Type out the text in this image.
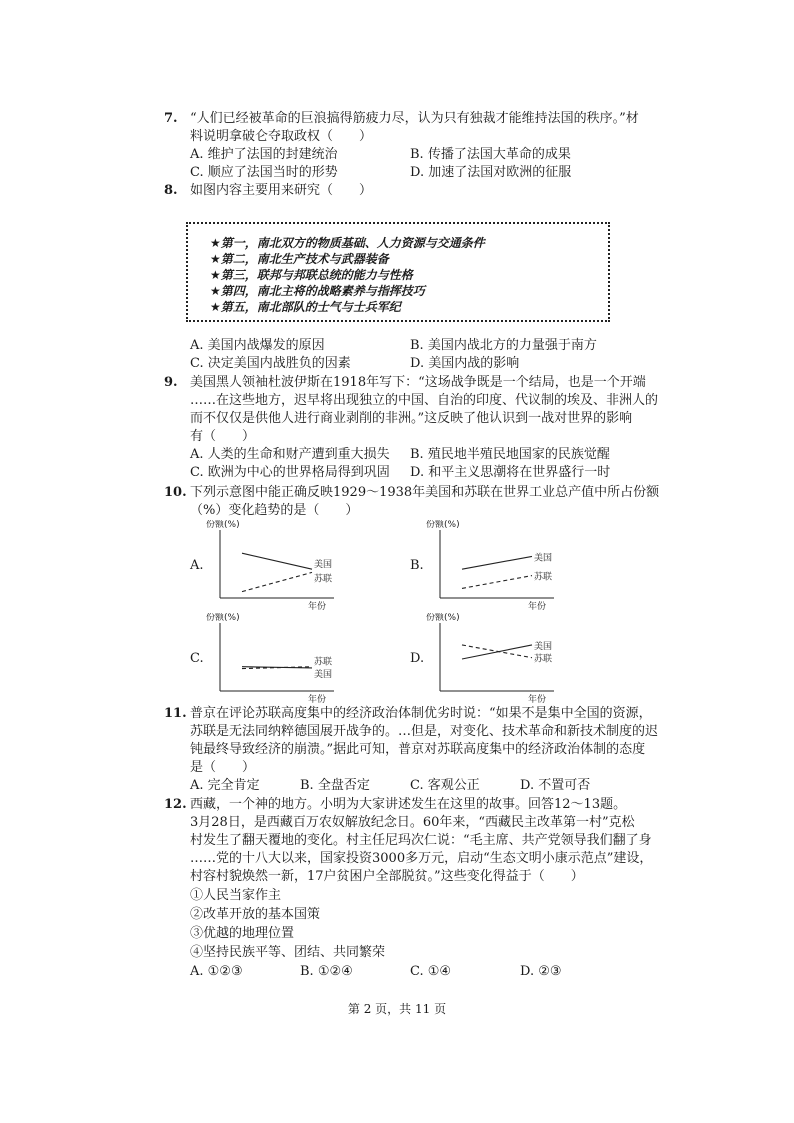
7. “人们已经被革命的巨浪搞得筋疲力尽，认为只有独裁才能维持法国的秩序。”材
料说明拿破仑夺取政权（　　）
A. 维护了法国的封建统治	B. 传播了法国大革命的成果
C. 顺应了法国当时的形势	D. 加速了法国对欧洲的征服
8. 如图内容主要用来研究（　　）
★第一，南北双方的物质基础、人力资源与交通条件
★第二，南北生产技术与武器装备
★第三，联邦与邦联总统的能力与性格
★第四，南北主将的战略素养与指挥技巧
★第五，南北部队的士气与士兵军纪
A. 美国内战爆发的原因	B. 美国内战北方的力量强于南方
C. 决定美国内战胜负的因素	D. 美国内战的影响
9. 美国黑人领袖杜波伊斯在1918年写下：“这场战争既是一个结局，也是一个开端
……在这些地方，迟早将出现独立的中国、自治的印度、代议制的埃及、非洲人的
而不仅仅是供他人进行商业剥削的非洲。”这反映了他认识到一战对世界的影响
有（　　）
A. 人类的生命和财产遭到重大损失 B. 殖民地半殖民地国家的民族觉醒
C. 欧洲为中心的世界格局得到巩固 D. 和平主义思潮将在世界盛行一时
10. 下列示意图中能正确反映1929～1938年美国和苏联在世界工业总产值中所占份额
（%）变化趋势的是（　　）
A.	B.
C.	D.
份额(%)
年份
美国
苏联
份额(%)
年份
美国
苏联
份额(%)
年份
苏联
美国
份额(%)
年份
美国
苏联
11. 普京在评论苏联高度集中的经济政治体制优劣时说：“如果不是集中全国的资源，
苏联是无法同纳粹德国展开战争的。…但是，对变化、技术革命和新技术制度的迟
钝最终导致经济的崩溃。”据此可知，普京对苏联高度集中的经济政治体制的态度
是（　　）
A. 完全肯定	B. 全盘否定	C. 客观公正	D. 不置可否
12. 西藏，一个神的地方。小明为大家讲述发生在这里的故事。回答12～13题。
3月28日，是西藏百万农奴解放纪念日。60年来，“西藏民主改革第一村”克松
村发生了翻天覆地的变化。村主任尼玛次仁说：“毛主席、共产党领导我们翻了身
……党的十八大以来，国家投资3000多万元，启动“生态文明小康示范点”建设，
村容村貌焕然一新，17户贫困户全部脱贫。”这些变化得益于（　　）
①人民当家作主
②改革开放的基本国策
③优越的地理位置
④坚持民族平等、团结、共同繁荣
A. ①②③	B. ①②④	C. ①④	D. ②③
第 2 页，共 11 页
